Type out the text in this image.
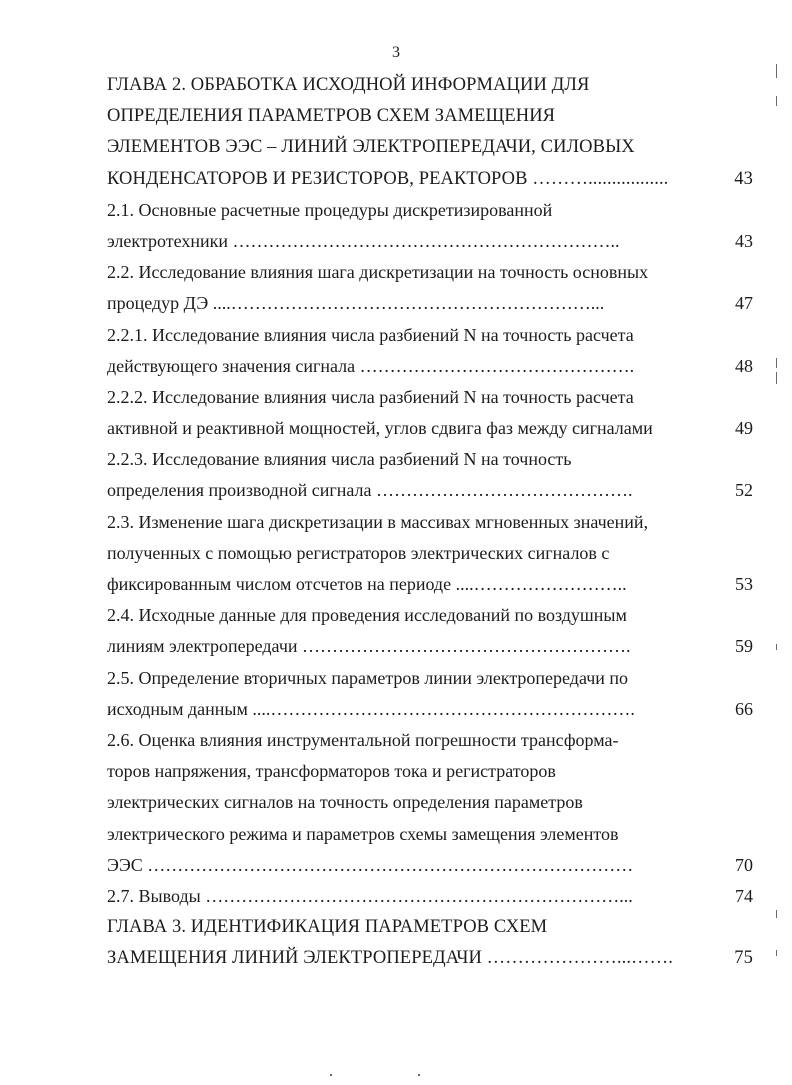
3
ГЛАВА 2. ОБРАБОТКА ИСХОДНОЙ ИНФОРМАЦИИ ДЛЯ
ОПРЕДЕЛЕНИЯ ПАРАМЕТРОВ СХЕМ ЗАМЕЩЕНИЯ
ЭЛЕМЕНТОВ ЭЭС – ЛИНИЙ ЭЛЕКТРОПЕРЕДАЧИ, СИЛОВЫХ
КОНДЕНСАТОРОВ И РЕЗИСТОРОВ, РЕАКТОРОВ ……….................	43
2.1. Основные расчетные процедуры дискретизированной
электротехники ………………………………………………………..	43
2.2. Исследование влияния шага дискретизации на точность основных
процедур ДЭ ....……………………………………………………...	47
2.2.1. Исследование влияния числа разбиений N на точность расчета
действующего значения сигнала ……………………………………….	48
2.2.2. Исследование влияния числа разбиений N на точность расчета
активной и реактивной мощностей, углов сдвига фаз между сигналами	49
2.2.3. Исследование влияния числа разбиений N на точность
определения производной сигнала …………………………………….	52
2.3. Изменение шага дискретизации в массивах мгновенных значений,
полученных с помощью регистраторов электрических сигналов с
фиксированным числом отсчетов на периоде ....……………………..	53
2.4. Исходные данные для проведения исследований по воздушным
линиям электропередачи ……………………………………………….	59
2.5. Определение вторичных параметров линии электропередачи по
исходным данным ....…………………………………………………….	66
2.6. Оценка влияния инструментальной погрешности трансформа-
торов напряжения, трансформаторов тока и регистраторов
электрических сигналов на точность определения параметров
электрического режима и параметров схемы замещения элементов
ЭЭС ………………………………………………………………………	70
2.7. Выводы ……………………………………………………………...	74
ГЛАВА 3. ИДЕНТИФИКАЦИЯ ПАРАМЕТРОВ СХЕМ
ЗАМЕЩЕНИЯ ЛИНИЙ ЭЛЕКТРОПЕРЕДАЧИ …………………...…….	75
